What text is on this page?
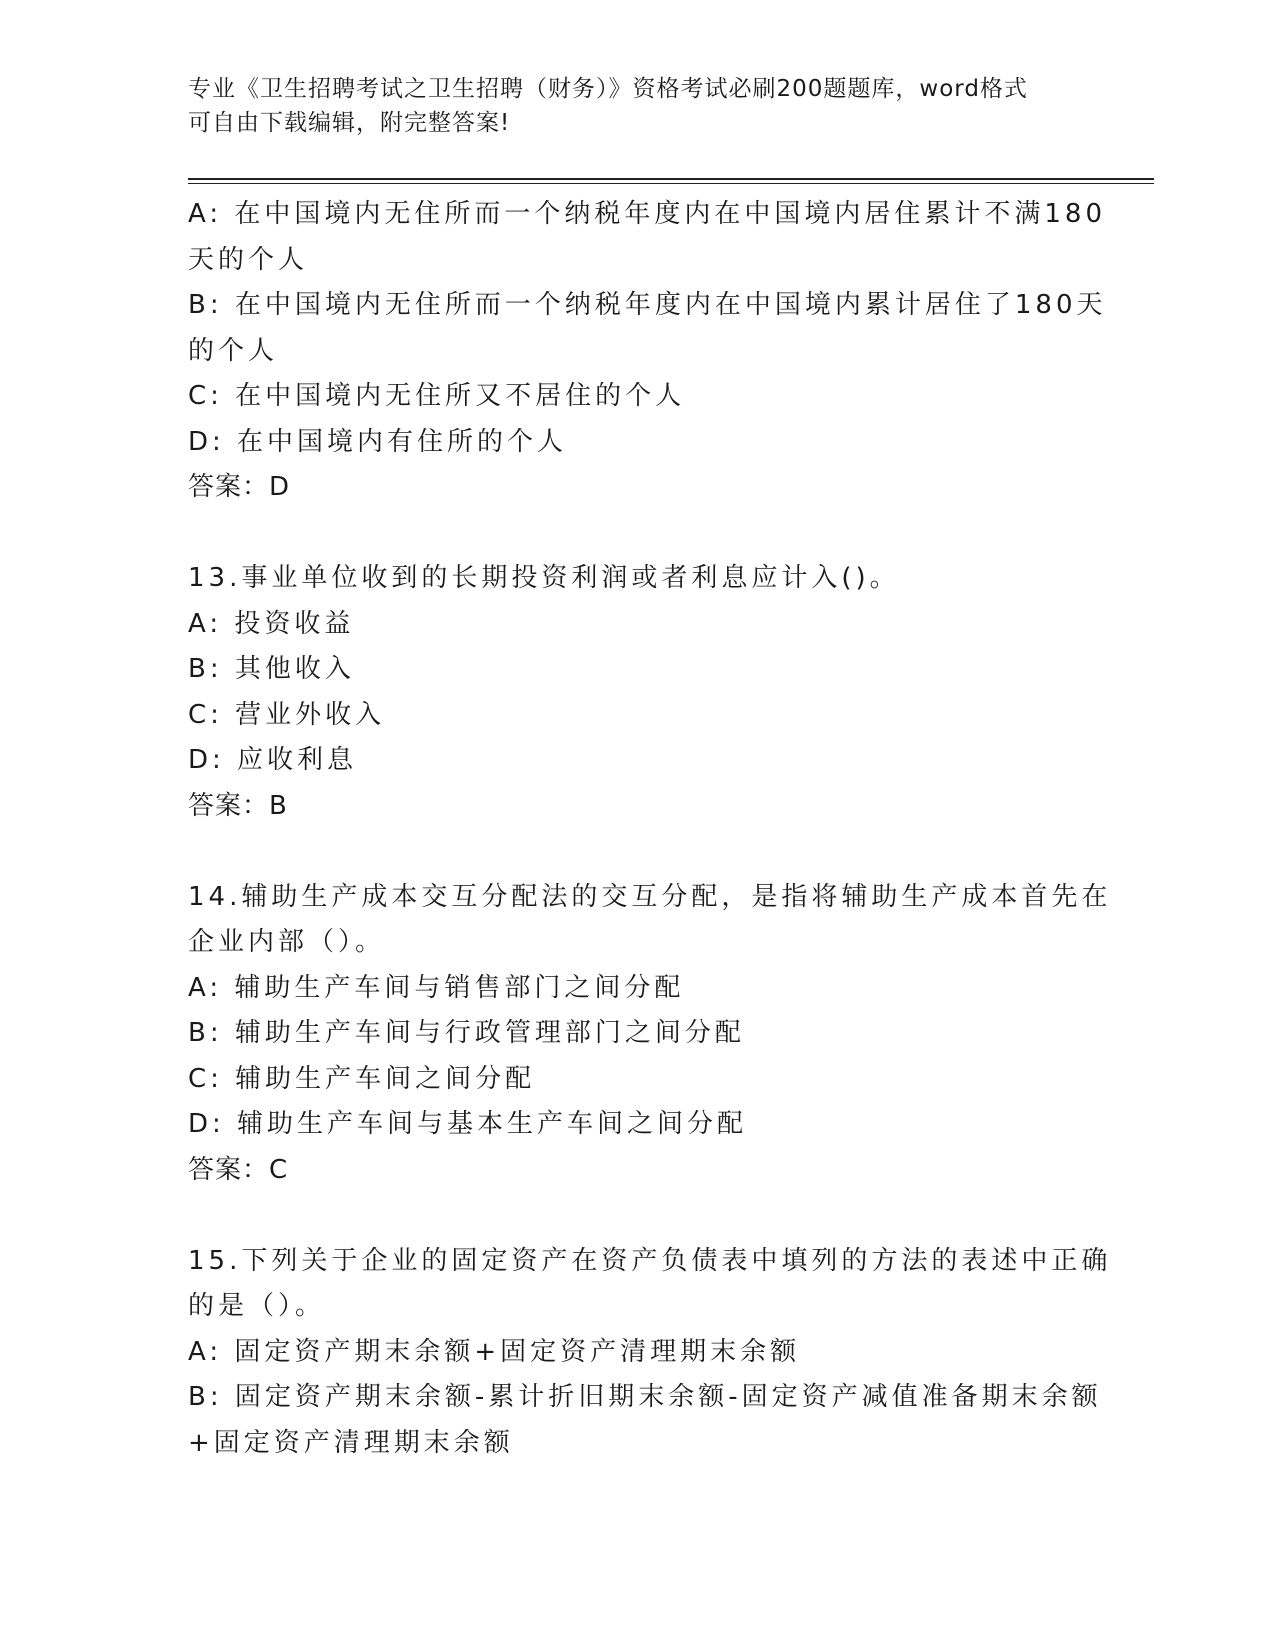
专业《卫生招聘考试之卫生招聘（财务）》资格考试必刷200题题库，word格式
可自由下载编辑，附完整答案!
A: 在中国境内无住所而一个纳税年度内在中国境内居住累计不满180
天的个人
B: 在中国境内无住所而一个纳税年度内在中国境内累计居住了180天
的个人
C: 在中国境内无住所又不居住的个人
D: 在中国境内有住所的个人
答案：D
13.事业单位收到的长期投资利润或者利息应计入()。
A: 投资收益
B: 其他收入
C: 营业外收入
D: 应收利息
答案：B
14.辅助生产成本交互分配法的交互分配，是指将辅助生产成本首先在
企业内部（）。
A: 辅助生产车间与销售部门之间分配
B: 辅助生产车间与行政管理部门之间分配
C: 辅助生产车间之间分配
D: 辅助生产车间与基本生产车间之间分配
答案：C
15.下列关于企业的固定资产在资产负债表中填列的方法的表述中正确
的是（）。
A: 固定资产期末余额+固定资产清理期末余额
B: 固定资产期末余额-累计折旧期末余额-固定资产减值准备期末余额
+固定资产清理期末余额
